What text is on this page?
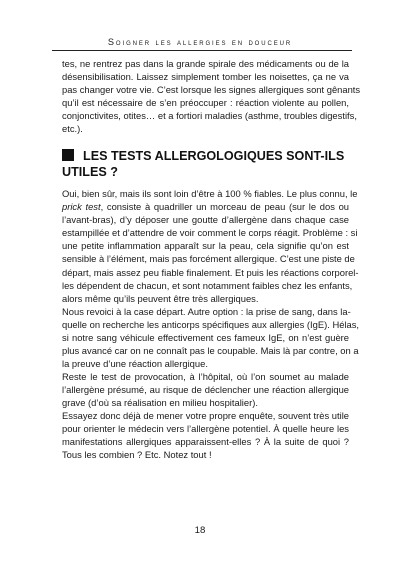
Soigner les allergies en douceur
tes, ne rentrez pas dans la grande spirale des médicaments ou de la
désensibilisation. Laissez simplement tomber les noisettes, ça ne va
pas changer votre vie. C’est lorsque les signes allergiques sont gênants
qu’il est nécessaire de s’en préoccuper : réaction violente au pollen,
conjonctivites, otites… et a fortiori maladies (asthme, troubles digestifs,
etc.).
LES TESTS ALLERGOLOGIQUES SONT-ILS
UTILES ?
Oui, bien sûr, mais ils sont loin d’être à 100 % fiables. Le plus connu, le
prick test, consiste à quadriller un morceau de peau (sur le dos ou
l’avant-bras), d’y déposer une goutte d’allergène dans chaque case
estampillée et d’attendre de voir comment le corps réagit. Problème : si
une petite inflammation apparaît sur la peau, cela signifie qu’on est
sensible à l’élément, mais pas forcément allergique. C’est une piste de
départ, mais assez peu fiable finalement. Et puis les réactions corporel-
les dépendent de chacun, et sont notamment faibles chez les enfants,
alors même qu’ils peuvent être très allergiques.
Nous revoici à la case départ. Autre option : la prise de sang, dans la-
quelle on recherche les anticorps spécifiques aux allergies (IgE). Hélas,
si notre sang véhicule effectivement ces fameux IgE, on n’est guère
plus avancé car on ne connaît pas le coupable. Mais là par contre, on a
la preuve d’une réaction allergique.
Reste le test de provocation, à l’hôpital, où l’on soumet au malade
l’allergène présumé, au risque de déclencher une réaction allergique
grave (d’où sa réalisation en milieu hospitalier).
Essayez donc déjà de mener votre propre enquête, souvent très utile
pour orienter le médecin vers l’allergène potentiel. À quelle heure les
manifestations allergiques apparaissent-elles ? À la suite de quoi ?
Tous les combien ? Etc. Notez tout !
18
